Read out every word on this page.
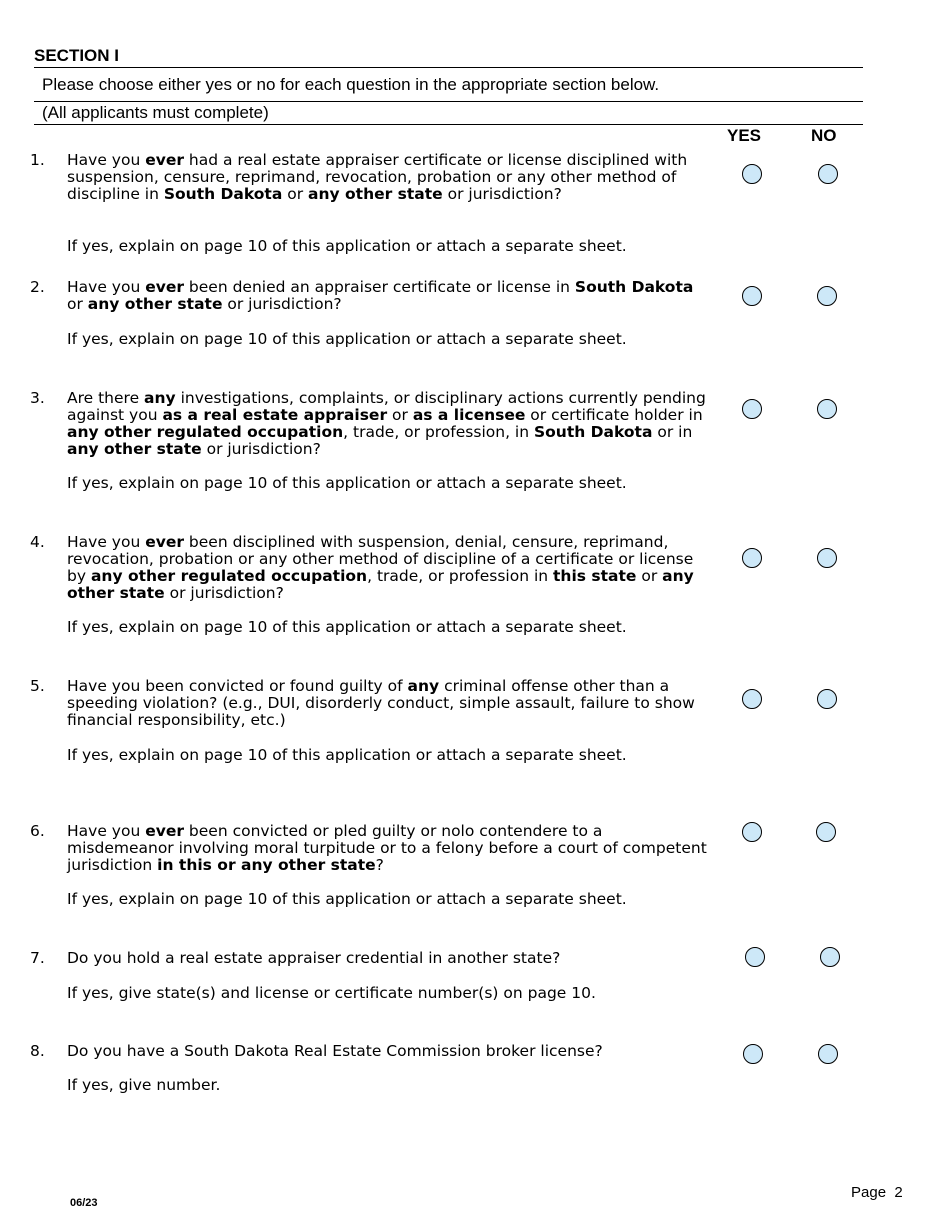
SECTION I
Please choose either yes or no for each question in the appropriate section below.
(All applicants must complete)
YES	NO
1. Have you ever had a real estate appraiser certificate or license disciplined with suspension, censure, reprimand, revocation, probation or any other method of discipline in South Dakota or any other state or jurisdiction?
If yes, explain on page 10 of this application or attach a separate sheet.
2. Have you ever been denied an appraiser certificate or license in South Dakota or any other state or jurisdiction?
If yes, explain on page 10 of this application or attach a separate sheet.
3. Are there any investigations, complaints, or disciplinary actions currently pending against you as a real estate appraiser or as a licensee or certificate holder in any other regulated occupation, trade, or profession, in South Dakota or in any other state or jurisdiction?
If yes, explain on page 10 of this application or attach a separate sheet.
4. Have you ever been disciplined with suspension, denial, censure, reprimand, revocation, probation or any other method of discipline of a certificate or license by any other regulated occupation, trade, or profession in this state or any other state or jurisdiction?
If yes, explain on page 10 of this application or attach a separate sheet.
5. Have you been convicted or found guilty of any criminal offense other than a speeding violation? (e.g., DUI, disorderly conduct, simple assault, failure to show financial responsibility, etc.)
If yes, explain on page 10 of this application or attach a separate sheet.
6. Have you ever been convicted or pled guilty or nolo contendere to a misdemeanor involving moral turpitude or to a felony before a court of competent jurisdiction in this or any other state?
If yes, explain on page 10 of this application or attach a separate sheet.
7. Do you hold a real estate appraiser credential in another state?
If yes, give state(s) and license or certificate number(s) on page 10.
8. Do you have a South Dakota Real Estate Commission broker license?
If yes, give number.
06/23
Page  2
